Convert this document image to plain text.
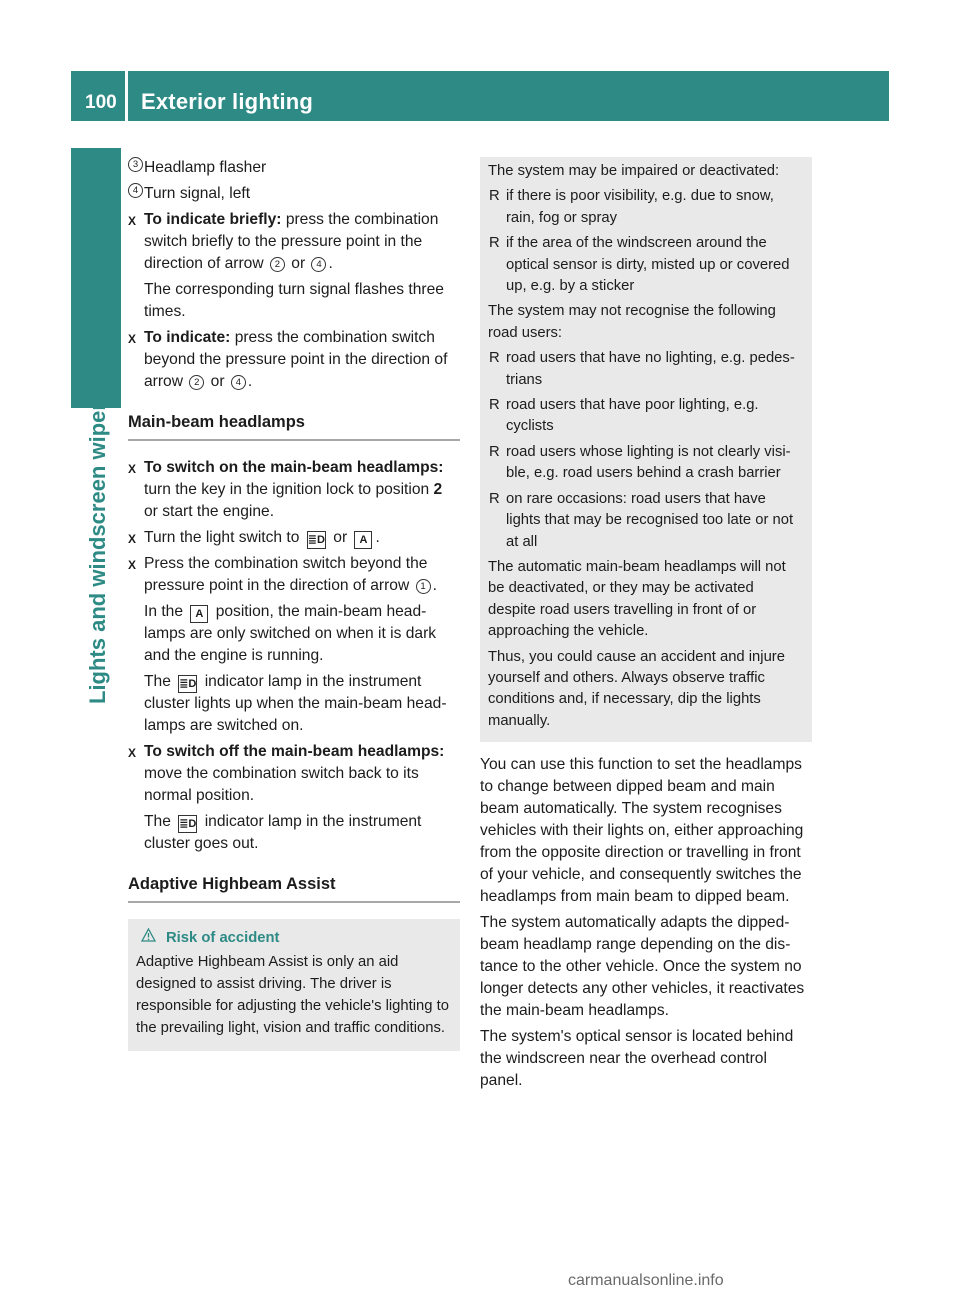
100 Exterior lighting
Lights and windscreen wipers
3 Headlamp flasher
4 Turn signal, left
X To indicate briefly: press the combination switch briefly to the pressure point in the direction of arrow 2 or 4 .

The corresponding turn signal flashes three times.

X To indicate: press the combination switch beyond the pressure point in the direction of arrow 2 or 4 .
Main-beam headlamps
X To switch on the main-beam headlamps: turn the key in the ignition lock to position 2 or start the engine.
X Turn the light switch to ≣D or A .
X Press the combination switch beyond the pressure point in the direction of arrow 1 .

In the A position, the main-beam headlamps are only switched on when it is dark and the engine is running.

The ≣D indicator lamp in the instrument cluster lights up when the main-beam headlamps are switched on.

X To switch off the main-beam headlamps: move the combination switch back to its normal position.

The ≣D indicator lamp in the instrument cluster goes out.

Adaptive Highbeam Assist
Risk of accident

Adaptive Highbeam Assist is only an aid designed to assist driving. The driver is responsible for adjusting the vehicle's lighting to the prevailing light, vision and traffic conditions.

The system may be impaired or deactivated:

R if there is poor visibility, e.g. due to snow, rain, fog or spray
R if the area of the windscreen around the optical sensor is dirty, misted up or covered up, e.g. by a sticker

The system may not recognise the following road users:

R road users that have no lighting, e.g. pedestrians
R road users that have poor lighting, e.g. cyclists
R road users whose lighting is not clearly visible, e.g. road users behind a crash barrier
R on rare occasions: road users that have lights that may be recognised too late or not at all

The automatic main-beam headlamps will not be deactivated, or they may be activated despite road users travelling in front of or approaching the vehicle.

Thus, you could cause an accident and injure yourself and others. Always observe traffic conditions and, if necessary, dip the lights manually.

You can use this function to set the headlamps to change between dipped beam and main beam automatically. The system recognises vehicles with their lights on, either approaching from the opposite direction or travelling in front of your vehicle, and consequently switches the headlamps from main beam to dipped beam.

The system automatically adapts the dipped-beam headlamp range depending on the distance to the other vehicle. Once the system no longer detects any other vehicles, it reactivates the main-beam headlamps.

The system's optical sensor is located behind the windscreen near the overhead control panel.

carmanualsonline.info
